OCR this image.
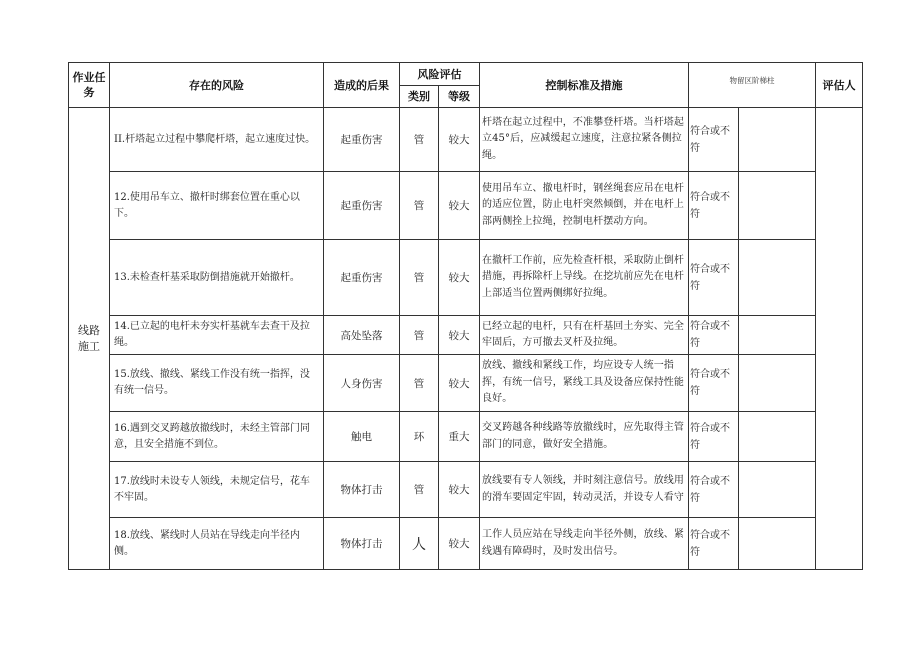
作业任务	存在的风险	造成的后果	风险评估		控制标准及措施	物留区阶梯柱		评估人
			类别	等级				
线路施工	II.杆塔起立过程中攀爬杆塔，起立速度过快。	起重伤害	管	较大	杆塔在起立过程中，不准攀登杆塔。当杆塔起立45°后，应减缓起立速度，注意拉紧各侧拉绳。	符合或不符		
	12.使用吊车立、撤杆时绑套位置在重心以下。	起重伤害	管	较大	使用吊车立、撤电杆时，钢丝绳套应吊在电杆的适应位置，防止电杆突然倾倒，并在电杆上部两侧拴上拉绳，控制电杆摆动方向。	符合或不符		
	13.未检查杆基采取防倒措施就开始撤杆。	起重伤害	管	较大	在撤杆工作前，应先检查杆根，采取防止倒杆措施，再拆除杆上导线。在挖坑前应先在电杆上部适当位置两侧绑好拉绳。	符合或不符		
	14.已立起的电杆未夯实杆基就车去查干及拉绳。	高处坠落	管	较大	已经立起的电杆，只有在杆基回土夯实、完全牢固后，方可撤去叉杆及拉绳。	符合或不符		
	15.放线、撤线、紧线工作没有统一指挥，没有统一信号。	人身伤害	管	较大	放线、撤线和紧线工作，均应设专人统一指挥，有统一信号，紧线工具及设备应保持性能良好。	符合或不符		
	16.遇到交叉跨越放撤线时，未经主管部门同意，且安全措施不到位。	触电	环	重大	交叉跨越各种线路等放撤线时，应先取得主管部门的同意，做好安全措施。	符合或不符		
	17.放线时未设专人领线，未规定信号，花车不牢固。	物体打击	管	较大	放线要有专人领线，并时刻注意信号。放线用的滑车要固定牢固，转动灵活，并设专人看守	符合或不符		
	18.放线、紧线时人员站在导线走向半径内侧。	物体打击	人	较大	工作人员应站在导线走向半径外侧，放线、紧线遇有障碍时，及时发出信号。	符合或不符		
